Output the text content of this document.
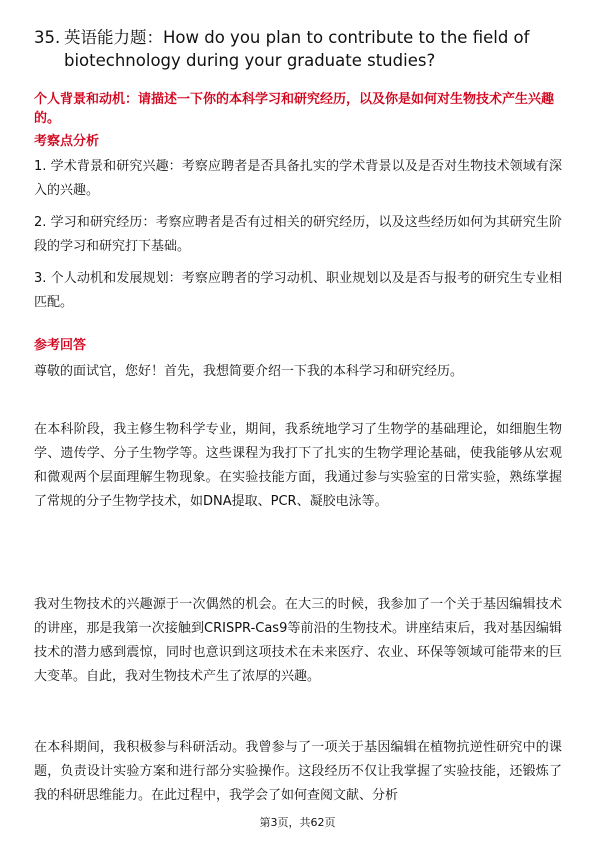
35. 英语能力题：How do you plan to contribute to the field of
biotechnology during your graduate studies?
个人背景和动机：请描述一下你的本科学习和研究经历，以及你是如何对生物技术产生兴趣的。
考察点分析
1. 学术背景和研究兴趣：考察应聘者是否具备扎实的学术背景以及是否对生物技术领域有深入的兴趣。
2. 学习和研究经历：考察应聘者是否有过相关的研究经历，以及这些经历如何为其研究生阶段的学习和研究打下基础。
3. 个人动机和发展规划：考察应聘者的学习动机、职业规划以及是否与报考的研究生专业相匹配。
参考回答
尊敬的面试官，您好！首先，我想简要介绍一下我的本科学习和研究经历。
在本科阶段，我主修生物科学专业，期间，我系统地学习了生物学的基础理论，如细胞生物学、遗传学、分子生物学等。这些课程为我打下了扎实的生物学理论基础，使我能够从宏观和微观两个层面理解生物现象。在实验技能方面，我通过参与实验室的日常实验，熟练掌握了常规的分子生物学技术，如DNA提取、PCR、凝胶电泳等。
我对生物技术的兴趣源于一次偶然的机会。在大三的时候，我参加了一个关于基因编辑技术的讲座，那是我第一次接触到CRISPR-Cas9等前沿的生物技术。讲座结束后，我对基因编辑技术的潜力感到震惊，同时也意识到这项技术在未来医疗、农业、环保等领域可能带来的巨大变革。自此，我对生物技术产生了浓厚的兴趣。
在本科期间，我积极参与科研活动。我曾参与了一项关于基因编辑在植物抗逆性研究中的课题，负责设计实验方案和进行部分实验操作。这段经历不仅让我掌握了实验技能，还锻炼了我的科研思维能力。在此过程中，我学会了如何查阅文献、分析
第3页，共62页
